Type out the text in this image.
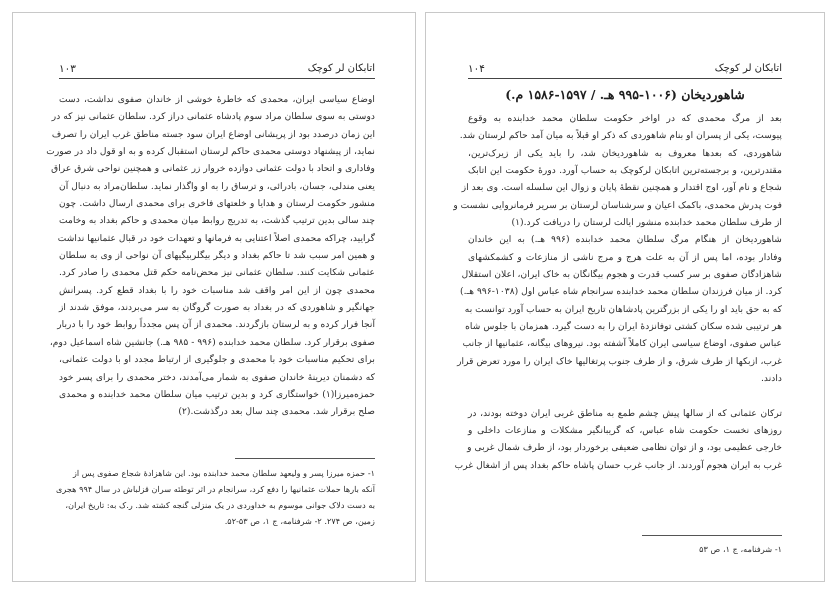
اتابکان لر کوچک
۱۰۳
اوضاع سیاسی ایران، محمدی که خاطرهٔ خوشی از خاندان صفوی نداشت، دست
دوستی به سوی سلطان مراد سوم پادشاه عثمانی دراز کرد. سلطان عثمانی نیز که در
این زمان درصدد بود از پریشانی اوضاع ایران سود جسته مناطق غرب ایران را تصرف
نماید، از پیشنهاد دوستی محمدی حاکم لرستان استقبال کرده و به او قول داد در صورت
وفاداری و اتحاد با دولت عثمانی دوازده خروار زر عثمانی و همچنین نواحی شرق عراق
یعنی مندلی، جسان، بادرائی، و ترساق را به او واگذار نماید. سلطان‌مراد به دنبال آن
منشور حکومت لرستان و هدایا و خلعتهای فاخری برای محمدی ارسال داشت. چون
چند سالی بدین ترتیب گذشت، به تدریج روابط میان محمدی و حاکم بغداد به وخامت
گرایید، چراکه محمدی اصلاً اعتنایی به فرمانها و تعهدات خود در قبال عثمانیها نداشت
و همین امر سبب شد تا حاکم بغداد و دیگر بیگلربیگیهای آن نواحی از وی به سلطان
عثمانی شکایت کنند. سلطان عثمانی نیز محض‌نامه حکم قتل محمدی را صادر کرد.
محمدی چون از این امر واقف شد مناسبات خود را با بغداد قطع کرد. پسرانش
جهانگیر و شاهوردی که در بغداد به صورت گروگان به سر می‌بردند، موفق شدند از
آنجا فرار کرده و به لرستان بازگردند. محمدی از آن پس مجدداً روابط خود را با دربار
صفوی برقرار کرد. سلطان محمد خدابنده (۹۹۶ - ۹۸۵ هـ.) جانشین شاه اسماعیل دوم،
برای تحکیم مناسبات خود با محمدی و جلوگیری از ارتباط مجدد او با دولت عثمانی،
که دشمنان دیرینهٔ خاندان صفوی به شمار می‌آمدند، دختر محمدی را برای پسر خود
حمزه‌میرزا(۱) خواستگاری کرد و بدین ترتیب میان سلطان محمد خدابنده و محمدی
صلح برقرار شد. محمدی چند سال بعد درگذشت.(۲)
۱- حمزه میرزا پسر و ولیعهد سلطان محمد خدابنده بود. این شاهزادهٔ شجاع صفوی پس از
آنکه بارها حملات عثمانیها را دفع کرد، سرانجام در اثر توطئه سران قزلباش در سال ۹۹۴ هجری
به دست دلاک جوانی موسوم به خداوردی در یک منزلی گنجه کشته شد. ر.ک به: تاریخ ایران،
زمین، ص ۲۷۴. ۲- شرفنامه، ج ۱، ص ۵۳-۵۲.
اتابکان لر کوچک
۱۰۴
شاهوردیخان (۱۰۰۶-۹۹۵ هـ. / ۱۵۹۷-۱۵۸۶ م.)
بعد از مرگ محمدی که در اواخر حکومت سلطان محمد خدابنده به وقوع
پیوست، یکی از پسران او بنام شاهوردی که ذکر او قبلاً به میان آمد حاکم لرستان شد.
شاهوردی، که بعدها معروف به شاهوردیخان شد، را باید یکی از زیرک‌ترین،
مقتدرترین، و برجسته‌ترین اتابکان لرکوچک به حساب آورد. دورهٔ حکومت این اتابک
شجاع و نام آور، اوج اقتدار و همچنین نقطهٔ پایان و زوال این سلسله است. وی بعد از
فوت پدرش محمدی، باکمک اعیان و سرشناسان لرستان بر سریر فرمانروایی نشست و
از طرف سلطان محمد خدابنده منشور ایالت لرستان را دریافت کرد.(۱)
شاهوردیخان از هنگام مرگ سلطان محمد خدابنده (۹۹۶ هـ.) به این خاندان
وفادار بوده، اما پس از آن به علت هرج و مرج ناشی از منازعات و کشمکشهای
شاهزادگان صفوی بر سر کسب قدرت و هجوم بیگانگان به خاک ایران، اعلان استقلال
کرد. از میان فرزندان سلطان محمد خدابنده سرانجام شاه عباس اول (۱۰۳۸-۹۹۶ هـ.)
که به حق باید او را یکی از بزرگترین پادشاهان تاریخ ایران به حساب آورد توانست به
هر ترتیبی شده سکان کشتی توفانزدهٔ ایران را به دست گیرد. همزمان با جلوس شاه
عباس صفوی، اوضاع سیاسی ایران کاملاً آشفته بود. نیروهای بیگانه، عثمانیها از جانب
غرب، ازبکها از طرف شرق، و از طرف جنوب پرتغالیها خاک ایران را مورد تعرض قرار
دادند.
ترکان عثمانی که از سالها پیش چشم طمع به مناطق غربی ایران دوخته بودند، در
روزهای نخست حکومت شاه عباس، که گریبانگیر مشکلات و منازعات داخلی و
خارجی عظیمی بود، و از توان نظامی ضعیفی برخوردار بود، از طرف شمال غربی و
غرب به ایران هجوم آوردند. از جانب غرب حسان پاشاه حاکم بغداد پس از اشغال غرب
۱- شرفنامه، ج ۱، ص ۵۳
